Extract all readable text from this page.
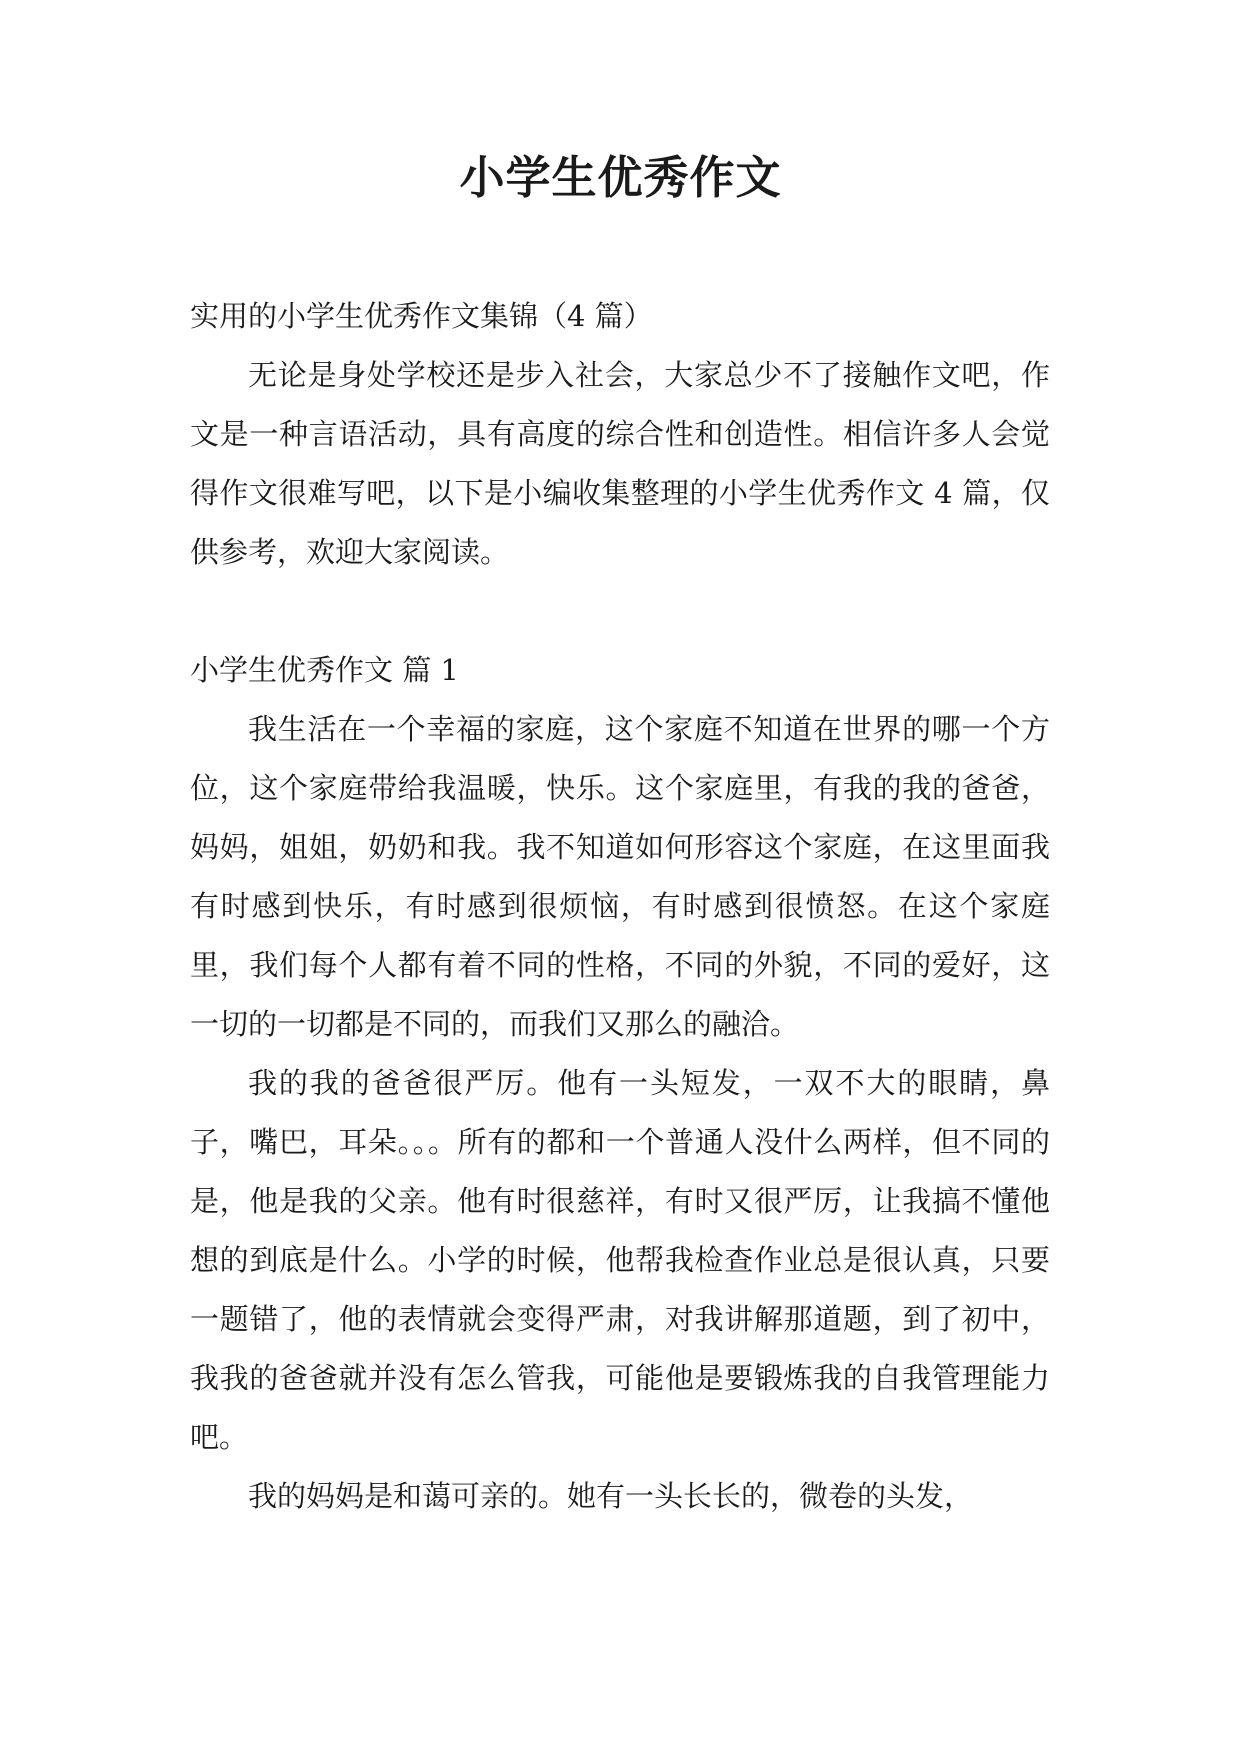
小学生优秀作文

实用的小学生优秀作文集锦（4 篇）

无论是身处学校还是步入社会，大家总少不了接触作文吧，作文是一种言语活动，具有高度的综合性和创造性。相信许多人会觉得作文很难写吧，以下是小编收集整理的小学生优秀作文 4 篇，仅供参考，欢迎大家阅读。

小学生优秀作文 篇 1

我生活在一个幸福的家庭，这个家庭不知道在世界的哪一个方位，这个家庭带给我温暖，快乐。这个家庭里，有我的我的爸爸，妈妈，姐姐，奶奶和我。我不知道如何形容这个家庭，在这里面我有时感到快乐，有时感到很烦恼，有时感到很愤怒。在这个家庭里，我们每个人都有着不同的性格，不同的外貌，不同的爱好，这一切的一切都是不同的，而我们又那么的融洽。

我的我的爸爸很严厉。他有一头短发，一双不大的眼睛，鼻子，嘴巴，耳朵。。。所有的都和一个普通人没什么两样，但不同的是，他是我的父亲。他有时很慈祥，有时又很严厉，让我搞不懂他想的到底是什么。小学的时候，他帮我检查作业总是很认真，只要一题错了，他的表情就会变得严肃，对我讲解那道题，到了初中，我我的爸爸就并没有怎么管我，可能他是要锻炼我的自我管理能力吧。

我的妈妈是和蔼可亲的。她有一头长长的，微卷的头发，
